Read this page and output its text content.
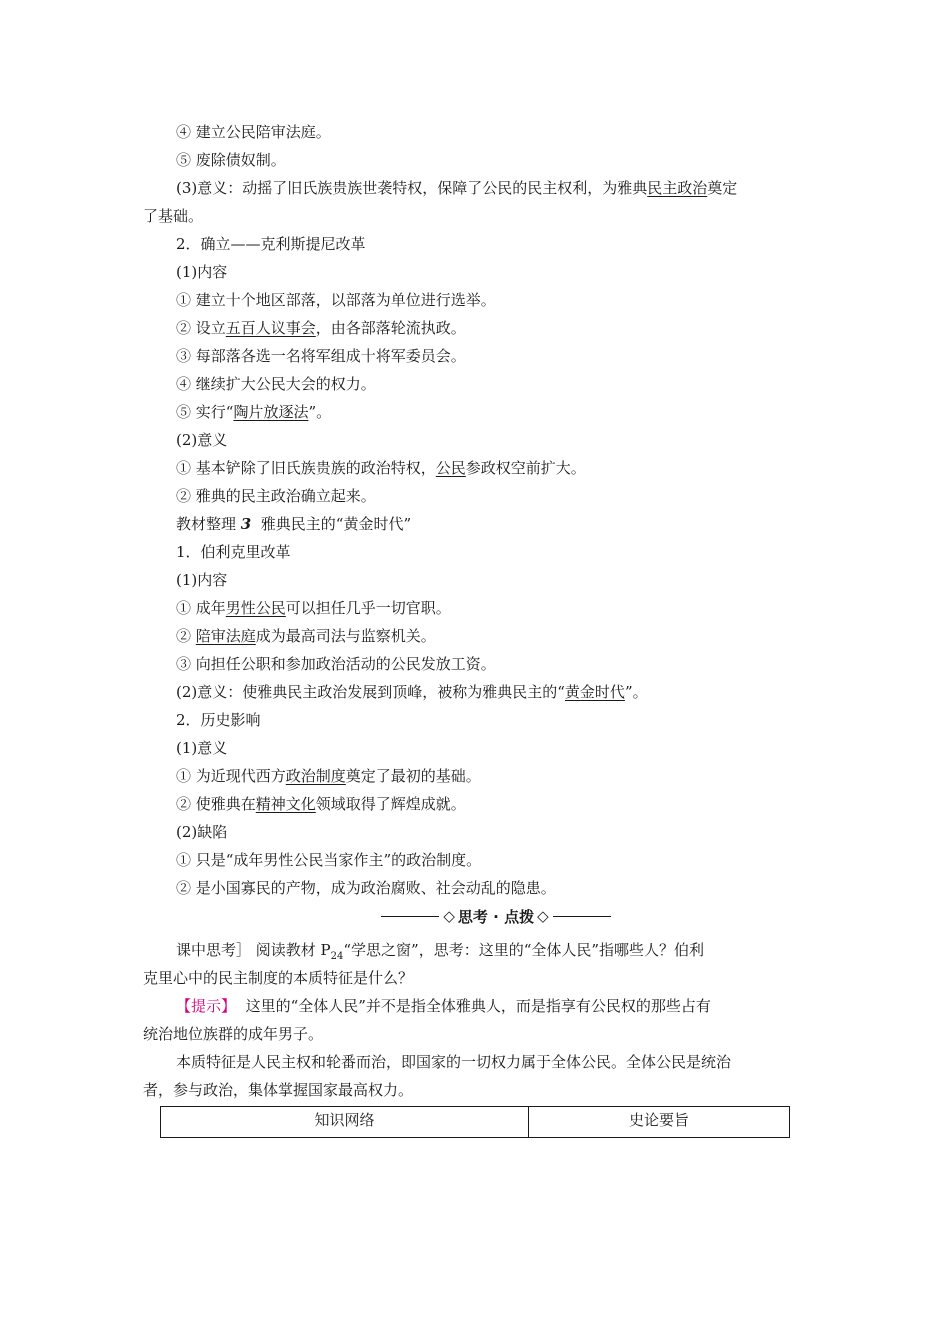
④ 建立公民陪审法庭。
⑤ 废除债奴制。
(3)意义：动摇了旧氏族贵族世袭特权，保障了公民的民主权利，为雅典民主政治奠定
了基础。
2．确立——克利斯提尼改革
(1)内容
① 建立十个地区部落，以部落为单位进行选举。
② 设立五百人议事会，由各部落轮流执政。
③ 每部落各选一名将军组成十将军委员会。
④ 继续扩大公民大会的权力。
⑤ 实行“陶片放逐法”。
(2)意义
① 基本铲除了旧氏族贵族的政治特权，公民参政权空前扩大。
② 雅典的民主政治确立起来。
教材整理 3 雅典民主的“黄金时代”
1．伯利克里改革
(1)内容
① 成年男性公民可以担任几乎一切官职。
② 陪审法庭成为最高司法与监察机关。
③ 向担任公职和参加政治活动的公民发放工资。
(2)意义：使雅典民主政治发展到顶峰，被称为雅典民主的“黄金时代”。
2．历史影响
(1)意义
① 为近现代西方政治制度奠定了最初的基础。
② 使雅典在精神文化领域取得了辉煌成就。
(2)缺陷
① 只是“成年男性公民当家作主”的政治制度。
② 是小国寡民的产物，成为政治腐败、社会动乱的隐患。
◇ 思考 · 点拨 ◇
课中思考］ 阅读教材 $P_{24}“$学思之窗”，思考：这里的“全体人民”指哪些人？伯利
克里心中的民主制度的本质特征是什么？
【提示】 这里的“全体人民”并不是指全体雅典人，而是指享有公民权的那些占有
统治地位族群的成年男子。
本质特征是人民主权和轮番而治，即国家的一切权力属于全体公民。全体公民是统治
者，参与政治，集体掌握国家最高权力。
知识网络	史论要旨
